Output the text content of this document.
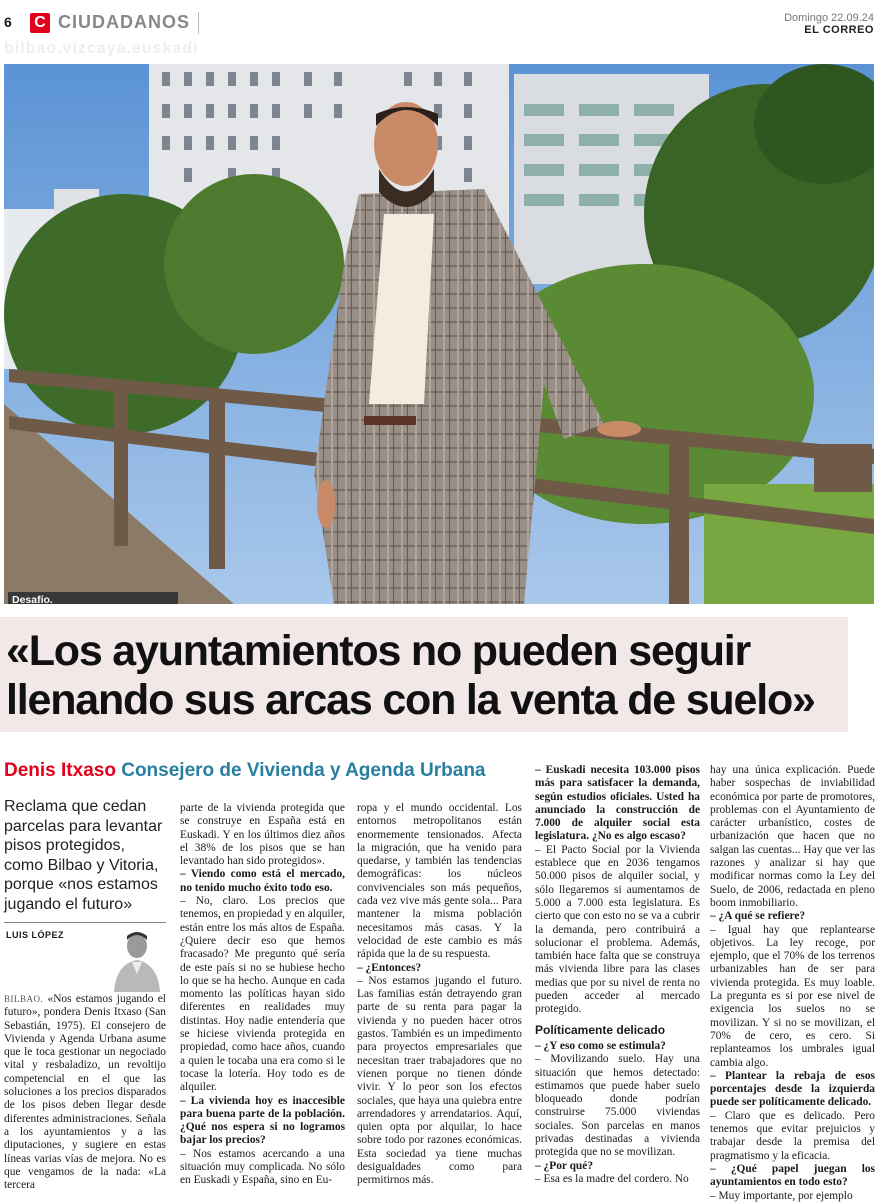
6 C CIUDADANOS	Domingo 22.09.24
EL CORREO
bilbao.vizcaya.euskadi
Desafío.
«Los ayuntamientos no pueden seguir
llenando sus arcas con la venta de suelo»
Denis Itxaso Consejero de Vivienda y Agenda Urbana
Reclama que cedan parcelas para levantar pisos protegidos, como Bilbao y Vitoria, porque «nos estamos jugando el futuro»
LUIS LÓPEZ

BILBAO. «Nos estamos jugando el futuro», pondera Denis Itxaso (San Sebastián, 1975). El consejero de Vivienda y Agenda Urbana asume que le toca gestionar un negociado vital y resbaladizo, un revoltijo competencial en el que las soluciones a los precios disparados de los pisos deben llegar desde diferentes administraciones. Señala a los ayuntamientos y a las diputaciones, y sugiere en estas líneas varias vías de mejora. No es que vengamos de la nada: «La tercera

parte de la vivienda protegida que se construye en España está en Euskadi. Y en los últimos diez años el 38% de los pisos que se han levantado han sido protegidos».

– Viendo como está el mercado, no tenido mucho éxito todo eso.

– No, claro. Los precios que tenemos, en propiedad y en alquiler, están entre los más altos de España. ¿Quiere decir eso que hemos fracasado? Me pregunto qué sería de este país si no se hubiese hecho lo que se ha hecho. Aunque en cada momento las políticas hayan sido diferentes en realidades muy distintas. Hoy nadie entendería que se hiciese vivienda protegida en propiedad, como hace años, cuando a quien le tocaba una era como si le tocase la lotería. Hoy todo es de alquiler.

– La vivienda hoy es inaccesible para buena parte de la población. ¿Qué nos espera si no logramos bajar los precios?

– Nos estamos acercando a una situación muy complicada. No sólo en Euskadi y España, sino en Eu-

ropa y el mundo occidental. Los entornos metropolitanos están enormemente tensionados. Afecta la migración, que ha venido para quedarse, y también las tendencias demográficas: los núcleos convivenciales son más pequeños, cada vez vive más gente sola... Para mantener la misma población necesitamos más casas. Y la velocidad de este cambio es más rápida que la de su respuesta.

– ¿Entonces?

– Nos estamos jugando el futuro. Las familias están detrayendo gran parte de su renta para pagar la vivienda y no pueden hacer otros gastos. También es un impedimento para proyectos empresariales que necesitan traer trabajadores que no vienen porque no tienen dónde vivir. Y lo peor son los efectos sociales, que haya una quiebra entre arrendadores y arrendatarios. Aquí, quien opta por alquilar, lo hace sobre todo por razones económicas. Esta sociedad ya tiene muchas desigualdades como para permitirnos más.

– Euskadi necesita 103.000 pisos más para satisfacer la demanda, según estudios oficiales. Usted ha anunciado la construcción de 7.000 de alquiler social esta legislatura. ¿No es algo escaso?

– El Pacto Social por la Vivienda establece que en 2036 tengamos 50.000 pisos de alquiler social, y sólo llegaremos si aumentamos de 5.000 a 7.000 esta legislatura. Es cierto que con esto no se va a cubrir la demanda, pero contribuirá a solucionar el problema. Además, también hace falta que se construya más vivienda libre para las clases medias que por su nivel de renta no pueden acceder al mercado protegido.

Políticamente delicado

– ¿Y eso como se estimula?

– Movilizando suelo. Hay una situación que hemos detectado: estimamos que puede haber suelo bloqueado donde podrían construirse 75.000 viviendas sociales. Son parcelas en manos privadas destinadas a vivienda protegida que no se movilizan.

– ¿Por qué?

– Esa es la madre del cordero. No

hay una única explicación. Puede haber sospechas de inviabilidad económica por parte de promotores, problemas con el Ayuntamiento de carácter urbanístico, costes de urbanización que hacen que no salgan las cuentas... Hay que ver las razones y analizar si hay que modificar normas como la Ley del Suelo, de 2006, redactada en pleno boom inmobiliario.

– ¿A qué se refiere?

– Igual hay que replantearse objetivos. La ley recoge, por ejemplo, que el 70% de los terrenos urbanizables han de ser para vivienda protegida. Es muy loable. La pregunta es si por ese nivel de exigencia los suelos no se movilizan. Y si no se movilizan, el 70% de cero, es cero. Si replanteamos los umbrales igual cambia algo.

– Plantear la rebaja de esos porcentajes desde la izquierda puede ser políticamente delicado.

– Claro que es delicado. Pero tenemos que evitar prejuicios y trabajar desde la premisa del pragmatismo y la eficacia.

– ¿Qué papel juegan los ayuntamientos en todo esto?

– Muy importante, por ejemplo
